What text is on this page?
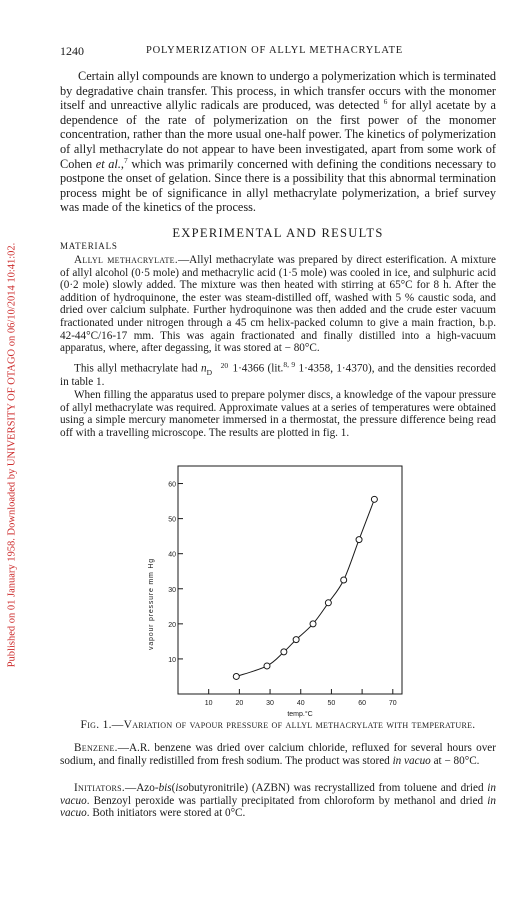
Published on 01 January 1958. Downloaded by UNIVERSITY OF OTAGO on 06/10/2014 10:41:02.
1240	POLYMERIZATION OF ALLYL METHACRYLATE

Certain allyl compounds are known to undergo a polymerization which is terminated by degradative chain transfer. This process, in which transfer occurs with the monomer itself and unreactive allylic radicals are produced, was detected $^6$ for allyl acetate by a dependence of the rate of polymerization on the first power of the monomer concentration, rather than the more usual one-half power. The kinetics of polymerization of allyl methacrylate do not appear to have been investigated, apart from some work of Cohen et al.,$^7$ which was primarily concerned with defining the conditions necessary to postpone the onset of gelation. Since there is a possibility that this abnormal termination process might be of significance in allyl methacrylate polymerization, a brief survey was made of the kinetics of the process.

EXPERIMENTAL AND RESULTS
MATERIALS

Allyl methacrylate.—Allyl methacrylate was prepared by direct esterification. A mixture of allyl alcohol (0·5 mole) and methacrylic acid (1·5 mole) was cooled in ice, and sulphuric acid (0·2 mole) slowly added. The mixture was then heated with stirring at 65°C for 8 h. After the addition of hydroquinone, the ester was steam-distilled off, washed with 5 % caustic soda, and dried over calcium sulphate. Further hydroquinone was then added and the crude ester vacuum fractionated under nitrogen through a 45 cm helix-packed column to give a main fraction, b.p. 42-44°C/16-17 mm. This was again fractionated and finally distilled into a high-vacuum apparatus, where, after degassing, it was stored at − 80°C.

This allyl methacrylate had n 20
D 1·4366 (lit.$^{8, 9}$ 1·4358, 1·4370), and the densities recorded in table 1.

When filling the apparatus used to prepare polymer discs, a knowledge of the vapour pressure of allyl methacrylate was required. Approximate values at a series of temperatures were obtained using a simple mercury manometer immersed in a thermostat, the pressure difference being read off with a travelling microscope. The results are plotted in fig. 1.

10
20
30
40
50
60
10	20	30	40	50	60	70
vapour pressure mm Hg
temp.°C
Fig. 1.—Variation of vapour pressure of allyl methacrylate with temperature.

Benzene.—A.R. benzene was dried over calcium chloride, refluxed for several hours over sodium, and finally redistilled from fresh sodium. The product was stored in vacuo at − 80°C.

Initiators.—Azo-bis(isobutyronitrile) (AZBN) was recrystallized from toluene and dried in vacuo. Benzoyl peroxide was partially precipitated from chloroform by methanol and dried in vacuo. Both initiators were stored at 0°C.
